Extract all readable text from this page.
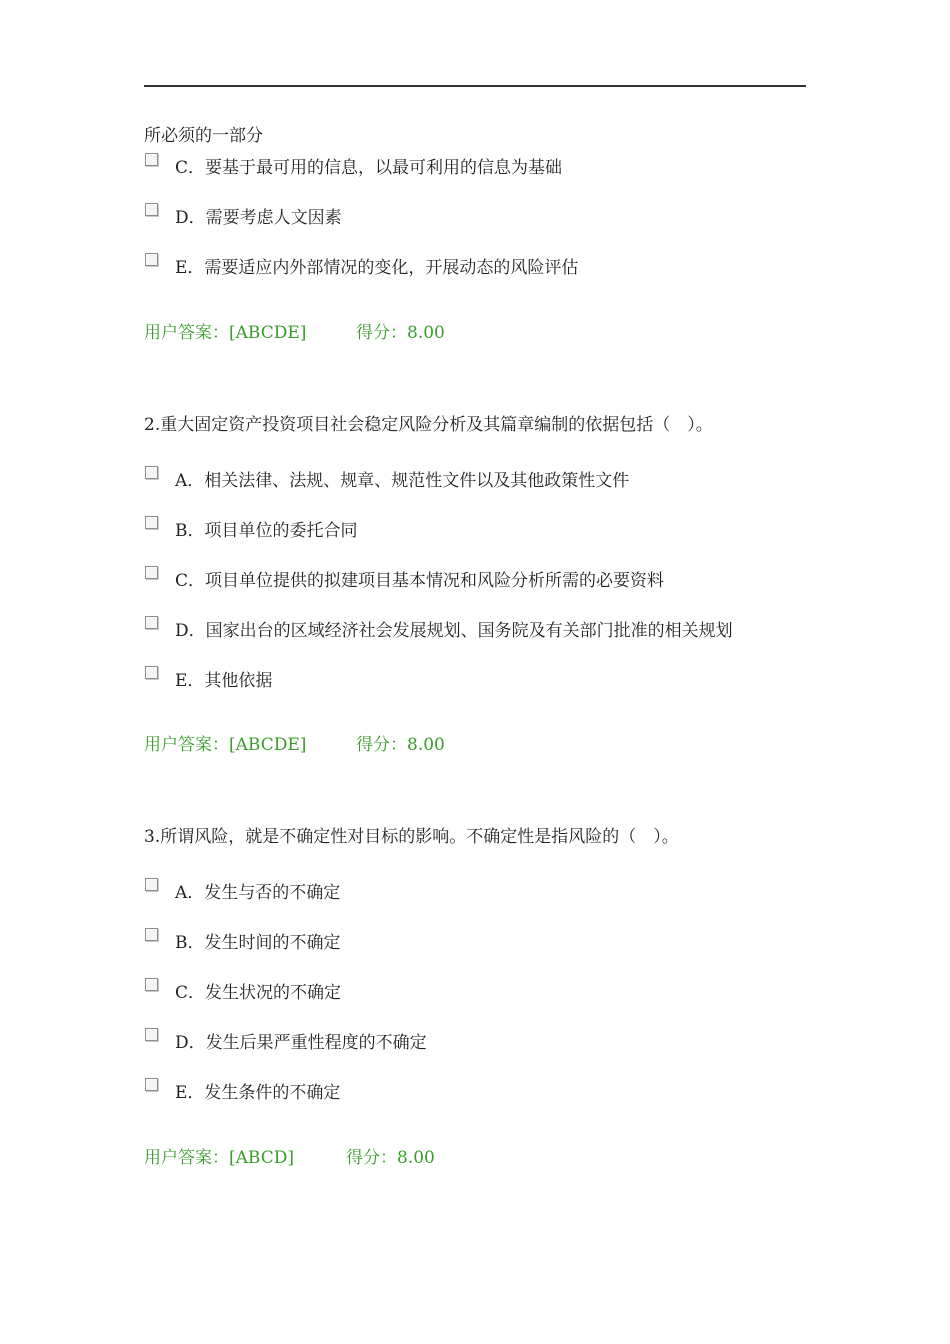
所必须的一部分
C．要基于最可用的信息，以最可利用的信息为基础
D．需要考虑人文因素
E．需要适应内外部情况的变化，开展动态的风险评估
用户答案：[ABCDE]	得分：8.00
2.重大固定资产投资项目社会稳定风险分析及其篇章编制的依据包括（　）。
A．相关法律、法规、规章、规范性文件以及其他政策性文件
B．项目单位的委托合同
C．项目单位提供的拟建项目基本情况和风险分析所需的必要资料
D．国家出台的区域经济社会发展规划、国务院及有关部门批准的相关规划
E．其他依据
用户答案：[ABCDE]	得分：8.00
3.所谓风险，就是不确定性对目标的影响。不确定性是指风险的（　）。
A．发生与否的不确定
B．发生时间的不确定
C．发生状况的不确定
D．发生后果严重性程度的不确定
E．发生条件的不确定
用户答案：[ABCD]	得分：8.00
